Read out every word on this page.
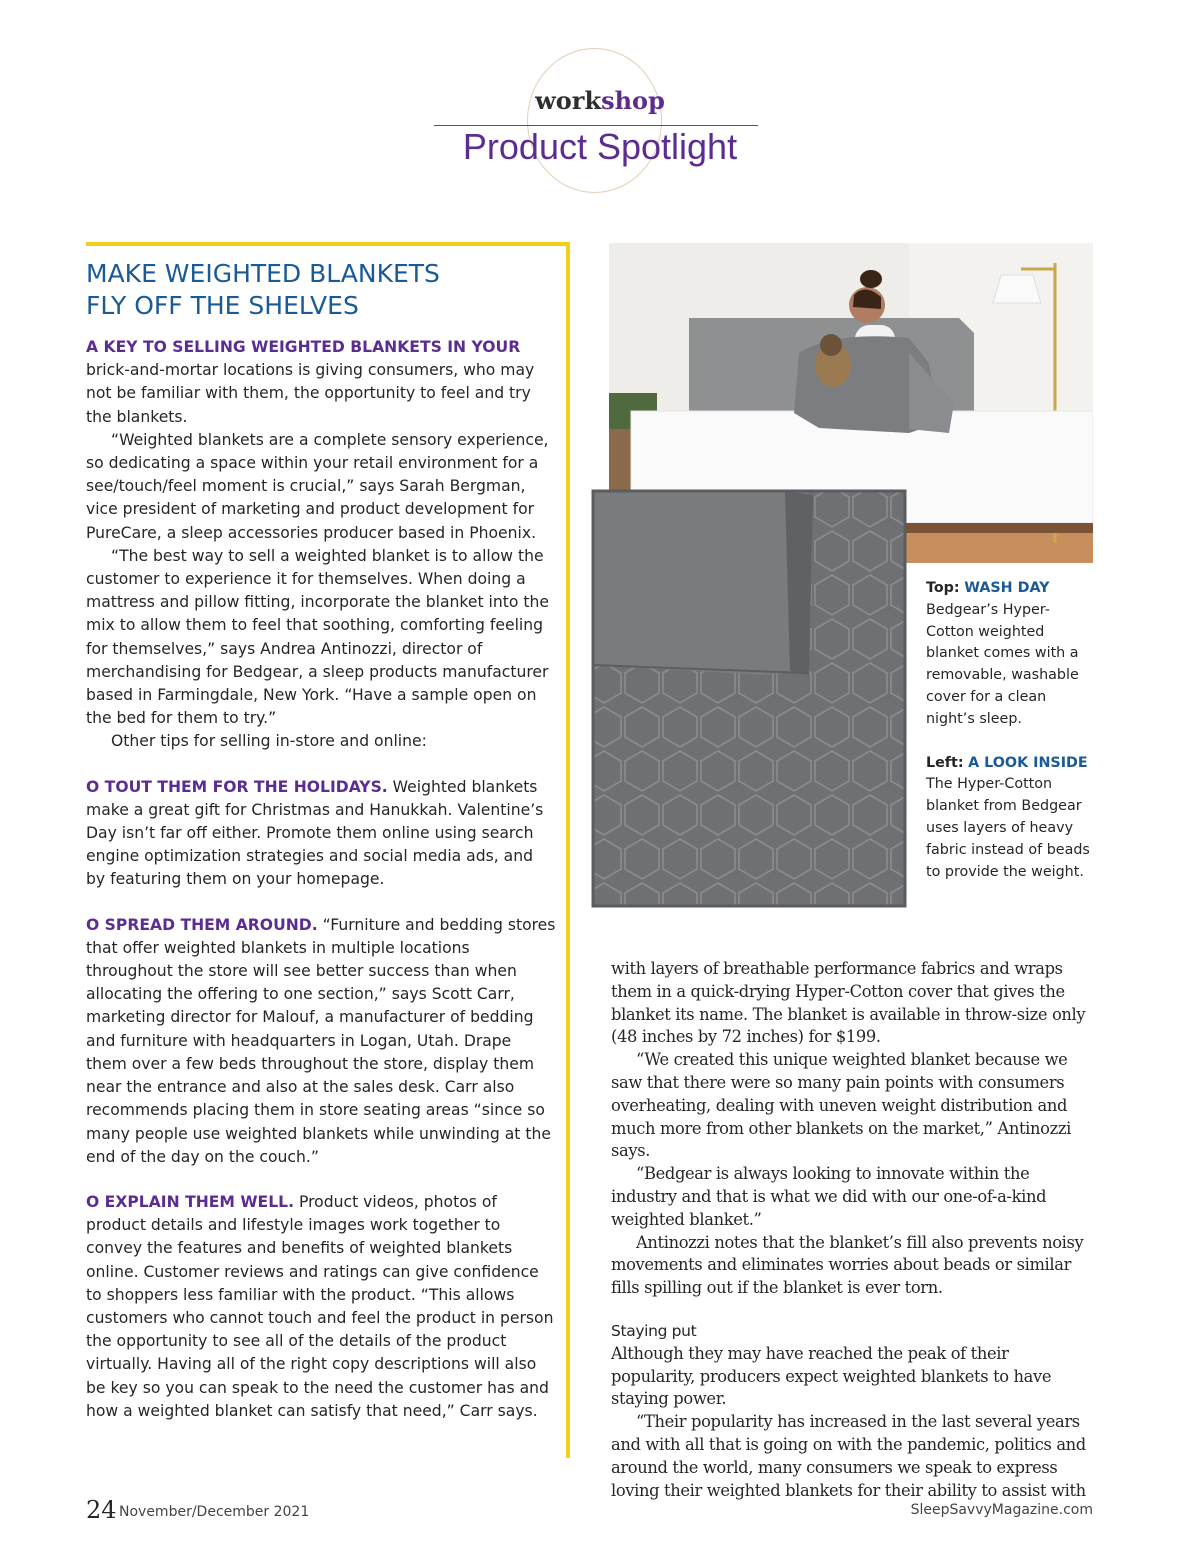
workshop
Product Spotlight
MAKE WEIGHTED BLANKETS
FLY OFF THE SHELVES

A KEY TO SELLING WEIGHTED BLANKETS IN YOUR
brick-and-mortar locations is giving consumers, who may not be familiar with them, the opportunity to feel and try the blankets.

“Weighted blankets are a complete sensory experience, so dedicating a space within your retail environment for a see/touch/feel moment is crucial,” says Sarah Bergman, vice president of marketing and product development for PureCare, a sleep accessories producer based in Phoenix.

“The best way to sell a weighted blanket is to allow the customer to experience it for themselves. When doing a mattress and pillow fitting, incorporate the blanket into the mix to allow them to feel that soothing, comforting feeling for themselves,” says Andrea Antinozzi, director of merchandising for Bedgear, a sleep products manufacturer based in Farmingdale, New York. “Have a sample open on the bed for them to try.”

Other tips for selling in-store and online:

O TOUT THEM FOR THE HOLIDAYS. Weighted blankets make a great gift for Christmas and Hanukkah. Valentine’s Day isn’t far off either. Promote them online using search engine optimization strategies and social media ads, and by featuring them on your homepage.

O SPREAD THEM AROUND. “Furniture and bedding stores that offer weighted blankets in multiple locations throughout the store will see better success than when allocating the offering to one section,” says Scott Carr, marketing director for Malouf, a manufacturer of bedding and furniture with headquarters in Logan, Utah. Drape them over a few beds throughout the store, display them near the entrance and also at the sales desk. Carr also recommends placing them in store seating areas “since so many people use weighted blankets while unwinding at the end of the day on the couch.”

O EXPLAIN THEM WELL. Product videos, photos of product details and lifestyle images work together to convey the features and benefits of weighted blankets online. Customer reviews and ratings can give confidence to shoppers less familiar with the product. “This allows customers who cannot touch and feel the product in person the opportunity to see all of the details of the product virtually. Having all of the right copy descriptions will also be key so you can speak to the need the customer has and how a weighted blanket can satisfy that need,” Carr says.

Top: WASH DAY Bedgear’s Hyper-Cotton weighted blanket comes with a removable, washable cover for a clean night’s sleep.

Left: A LOOK INSIDE The Hyper-Cotton blanket from Bedgear uses layers of heavy fabric instead of beads to provide the weight.

with layers of breathable performance fabrics and wraps them in a quick-drying Hyper-Cotton cover that gives the blanket its name. The blanket is available in throw-size only (48 inches by 72 inches) for $199.

“We created this unique weighted blanket because we saw that there were so many pain points with consumers overheating, dealing with uneven weight distribution and much more from other blankets on the market,” Antinozzi says.

“Bedgear is always looking to innovate within the industry and that is what we did with our one-of-a-kind weighted blanket.”

Antinozzi notes that the blanket’s fill also prevents noisy movements and eliminates worries about beads or similar fills spilling out if the blanket is ever torn.

Staying put

Although they may have reached the peak of their popularity, producers expect weighted blankets to have staying power.

“Their popularity has increased in the last several years and with all that is going on with the pandemic, politics and around the world, many consumers we speak to express loving their weighted blankets for their ability to assist with

24 November/December 2021	SleepSavvyMagazine.com
